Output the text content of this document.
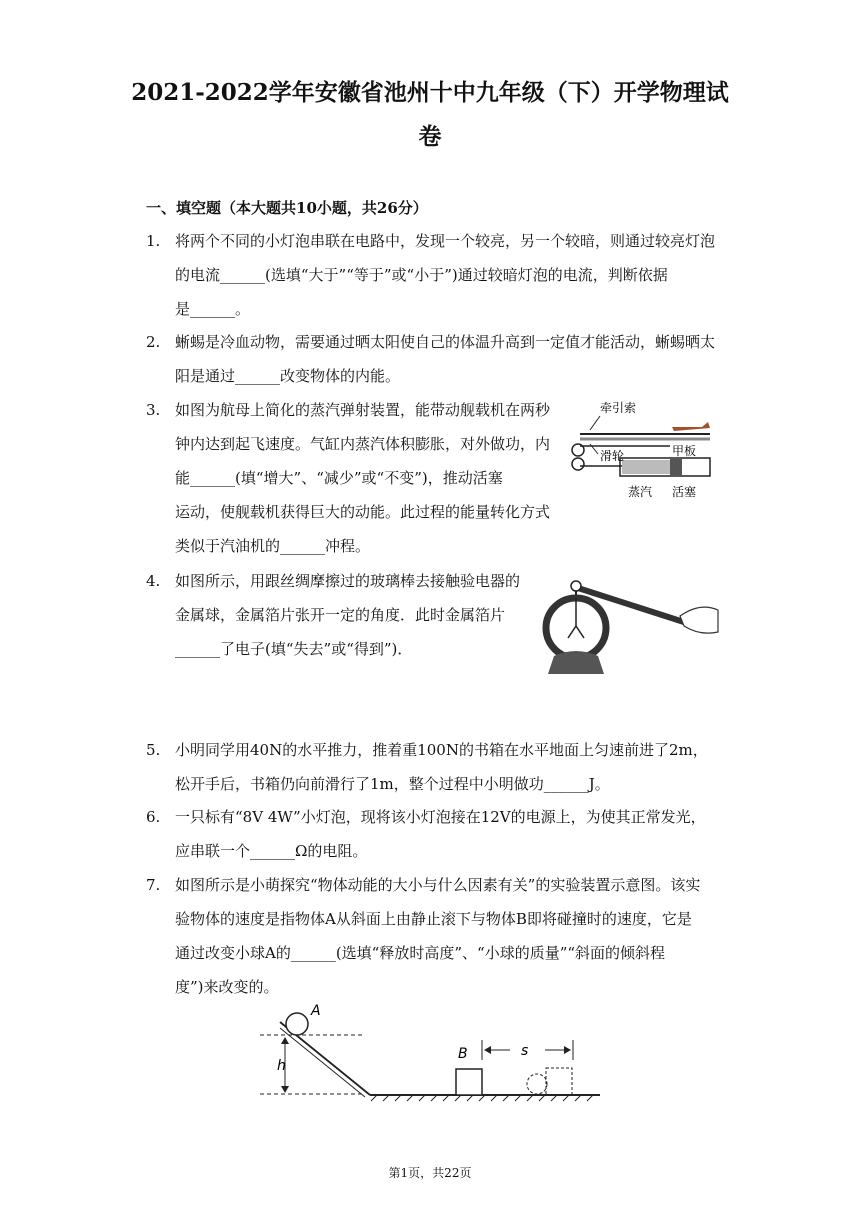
2021-2022学年安徽省池州十中九年级（下）开学物理试
卷
一、填空题（本大题共10小题，共26分）
1. 将两个不同的小灯泡串联在电路中，发现一个较亮，另一个较暗，则通过较亮灯泡
的电流______(选填“大于”“等于”或“小于”)通过较暗灯泡的电流，判断依据
是______。
2. 蜥蜴是冷血动物，需要通过晒太阳使自己的体温升高到一定值才能活动，蜥蜴晒太
阳是通过______改变物体的内能。
3. 如图为航母上简化的蒸汽弹射装置，能带动舰载机在两秒
钟内达到起飞速度。气缸内蒸汽体积膨胀，对外做功，内
能______(填“增大”、“减少”或“不变”)，推动活塞
运动，使舰载机获得巨大的动能。此过程的能量转化方式
类似于汽油机的______冲程。
牵引索
滑轮	甲板
蒸汽 活塞
4. 如图所示，用跟丝绸摩擦过的玻璃棒去接触验电器的
金属球，金属箔片张开一定的角度．此时金属箔片
______了电子(填“失去”或“得到”)．
5. 小明同学用40N的水平推力，推着重100N的书箱在水平地面上匀速前进了2m，
松开手后，书箱仍向前滑行了1m，整个过程中小明做功______J。
6. 一只标有“8V 4W”小灯泡，现将该小灯泡接在12V的电源上，为使其正常发光，
应串联一个______Ω的电阻。
7. 如图所示是小萌探究“物体动能的大小与什么因素有关”的实验装置示意图。该实
验物体的速度是指物体A从斜面上由静止滚下与物体B即将碰撞时的速度，它是
通过改变小球A的______(选填“释放时高度”、“小球的质量”“斜面的倾斜程
度”)来改变的。
h
A
B	s
第1页，共22页
